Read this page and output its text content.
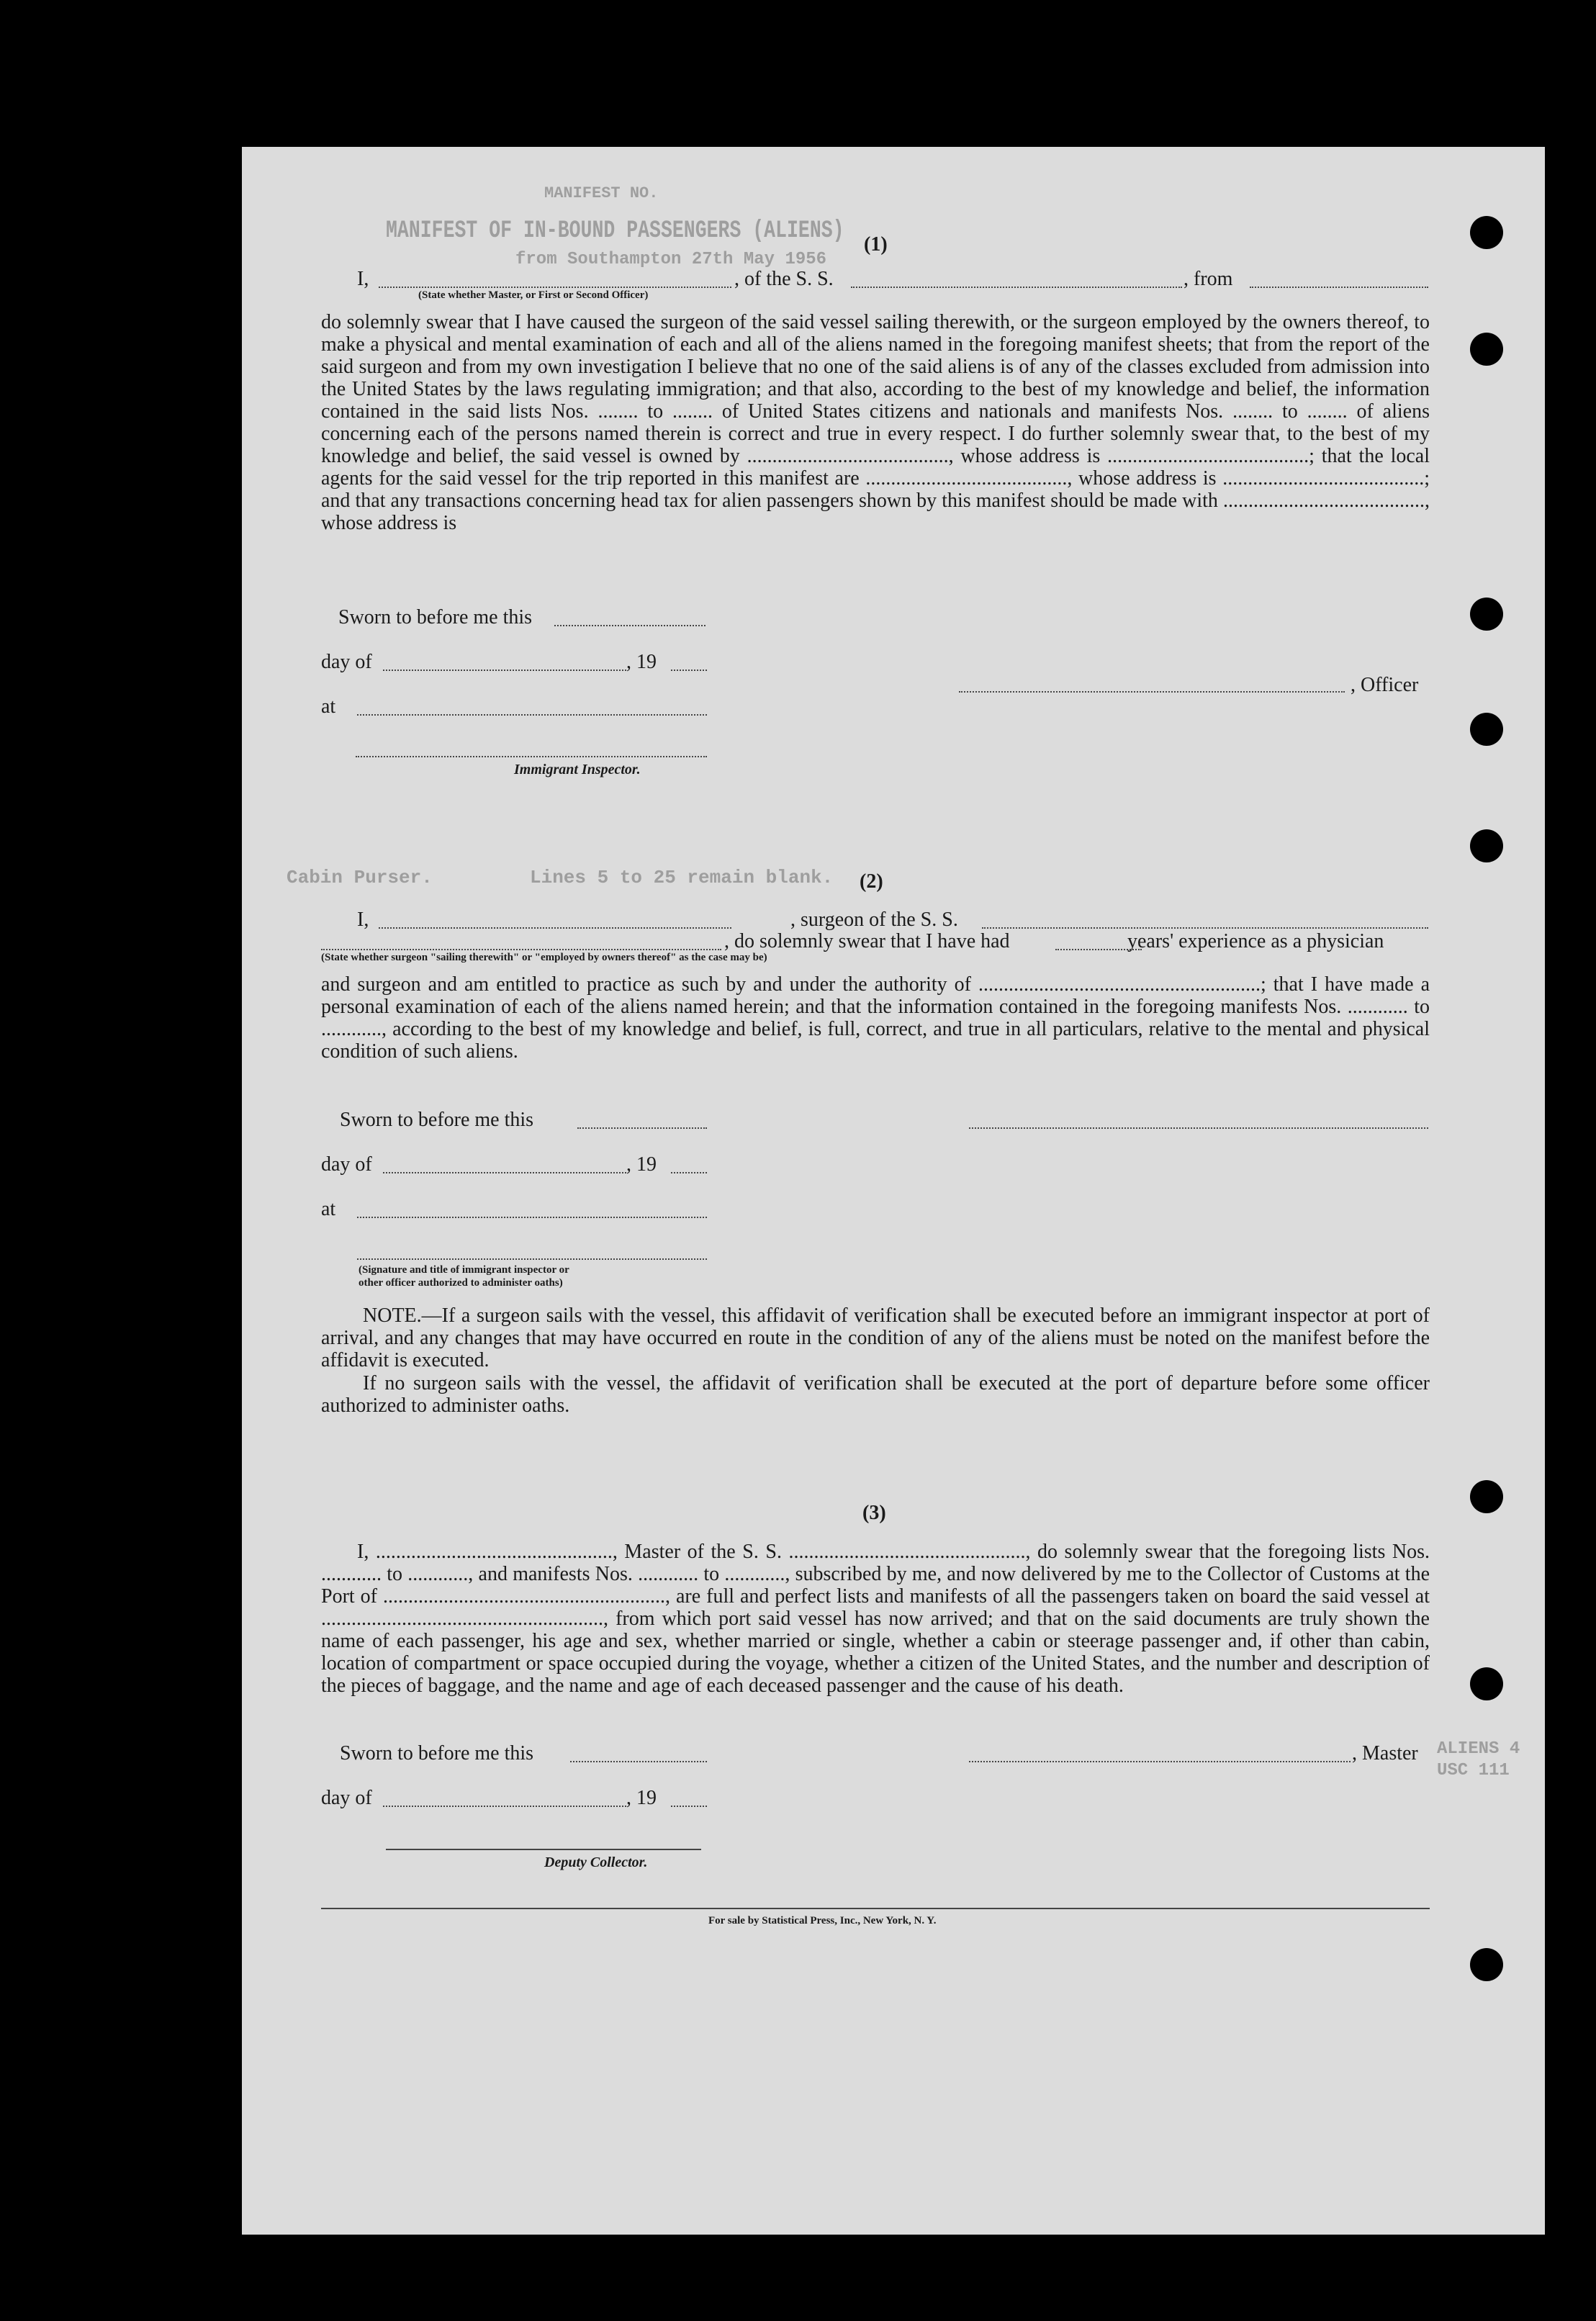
MANIFEST NO.
MANIFEST OF IN-BOUND PASSENGERS (ALIENS)
from Southampton 27th May 1956
(1)
I,	, of the S. S.	, from
(State whether Master, or First or Second Officer)
do solemnly swear that I have caused the surgeon of the said vessel sailing therewith, or the surgeon employed by the owners thereof, to make a physical and mental examination of each and all of the aliens named in the foregoing manifest sheets; that from the report of the said surgeon and from my own investigation I believe that no one of the said aliens is of any of the classes excluded from admission into the United States by the laws regulating immigration; and that also, according to the best of my knowledge and belief, the information contained in the said lists Nos. ........ to ........ of United States citizens and nationals and manifests Nos. ........ to ........ of aliens concerning each of the persons named therein is correct and true in every respect. I do further solemnly swear that, to the best of my knowledge and belief, the said vessel is owned by ........................................, whose address is ........................................; that the local agents for the said vessel for the trip reported in this manifest are ........................................, whose address is ........................................; and that any transactions concerning head tax for alien passengers shown by this manifest should be made with ........................................, whose address is
Sworn to before me this
day of	, 19
at
, Officer
Immigrant Inspector.
Lines 5 to 25 remain blank.
Cabin Purser.	(2)
I,	, surgeon of the S. S.
, do solemnly swear that I have had	years' experience as a physician
(State whether surgeon "sailing therewith" or "employed by owners thereof" as the case may be)
and surgeon and am entitled to practice as such by and under the authority of ........................................................; that I have made a personal examination of each of the aliens named herein; and that the information contained in the foregoing manifests Nos. ............ to ............, according to the best of my knowledge and belief, is full, correct, and true in all particulars, relative to the mental and physical condition of such aliens.
Sworn to before me this
day of	, 19
at
(Signature and title of immigrant inspector or
other officer authorized to administer oaths)
NOTE.—If a surgeon sails with the vessel, this affidavit of verification shall be executed before an immigrant inspector at port of arrival, and any changes that may have occurred en route in the condition of any of the aliens must be noted on the manifest before the affidavit is executed.
If no surgeon sails with the vessel, the affidavit of verification shall be executed at the port of departure before some officer authorized to administer oaths.
(3)
I, ..............................................., Master of the S. S. ..............................................., do solemnly swear that the foregoing lists Nos. ............ to ............, and manifests Nos. ............ to ............, subscribed by me, and now delivered by me to the Collector of Customs at the Port of ........................................................, are full and perfect lists and manifests of all the passengers taken on board the said vessel at ........................................................, from which port said vessel has now arrived; and that on the said documents are truly shown the name of each passenger, his age and sex, whether married or single, whether a cabin or steerage passenger and, if other than cabin, location of compartment or space occupied during the voyage, whether a citizen of the United States, and the number and description of the pieces of baggage, and the name and age of each deceased passenger and the cause of his death.
Sworn to before me this	, Master
day of	, 19
Deputy Collector.
For sale by Statistical Press, Inc., New York, N. Y.
ALIENS 4
USC 111
